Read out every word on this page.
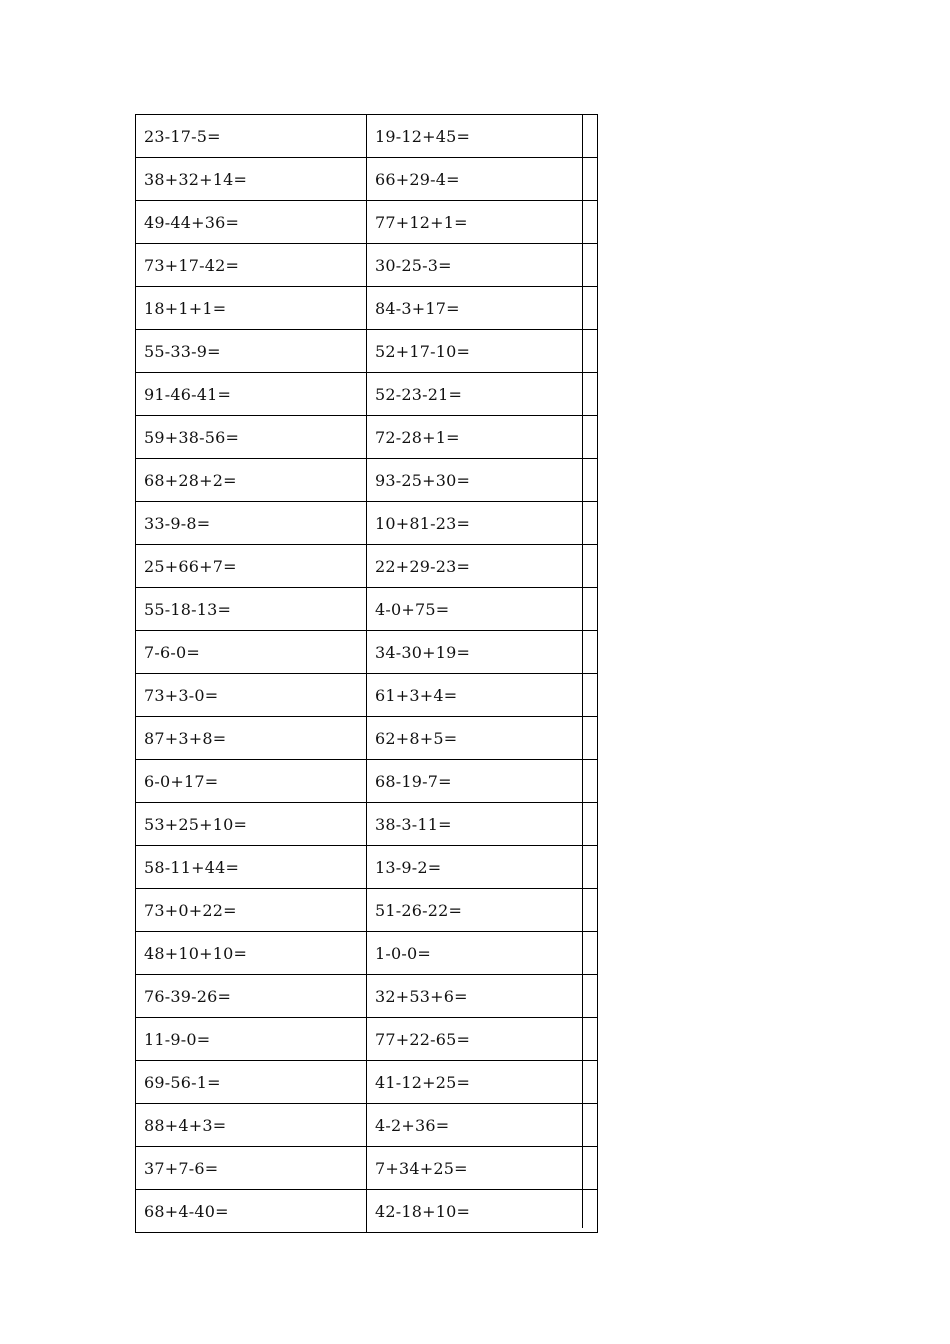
23-17-5=	19-12+45=
38+32+14=	66+29-4=
49-44+36=	77+12+1=
73+17-42=	30-25-3=
18+1+1=	84-3+17=
55-33-9=	52+17-10=
91-46-41=	52-23-21=
59+38-56=	72-28+1=
68+28+2=	93-25+30=
33-9-8=	10+81-23=
25+66+7=	22+29-23=
55-18-13=	4-0+75=
7-6-0=	34-30+19=
73+3-0=	61+3+4=
87+3+8=	62+8+5=
6-0+17=	68-19-7=
53+25+10=	38-3-11=
58-11+44=	13-9-2=
73+0+22=	51-26-22=
48+10+10=	1-0-0=
76-39-26=	32+53+6=
11-9-0=	77+22-65=
69-56-1=	41-12+25=
88+4+3=	4-2+36=
37+7-6=	7+34+25=
68+4-40=	42-18+10=
